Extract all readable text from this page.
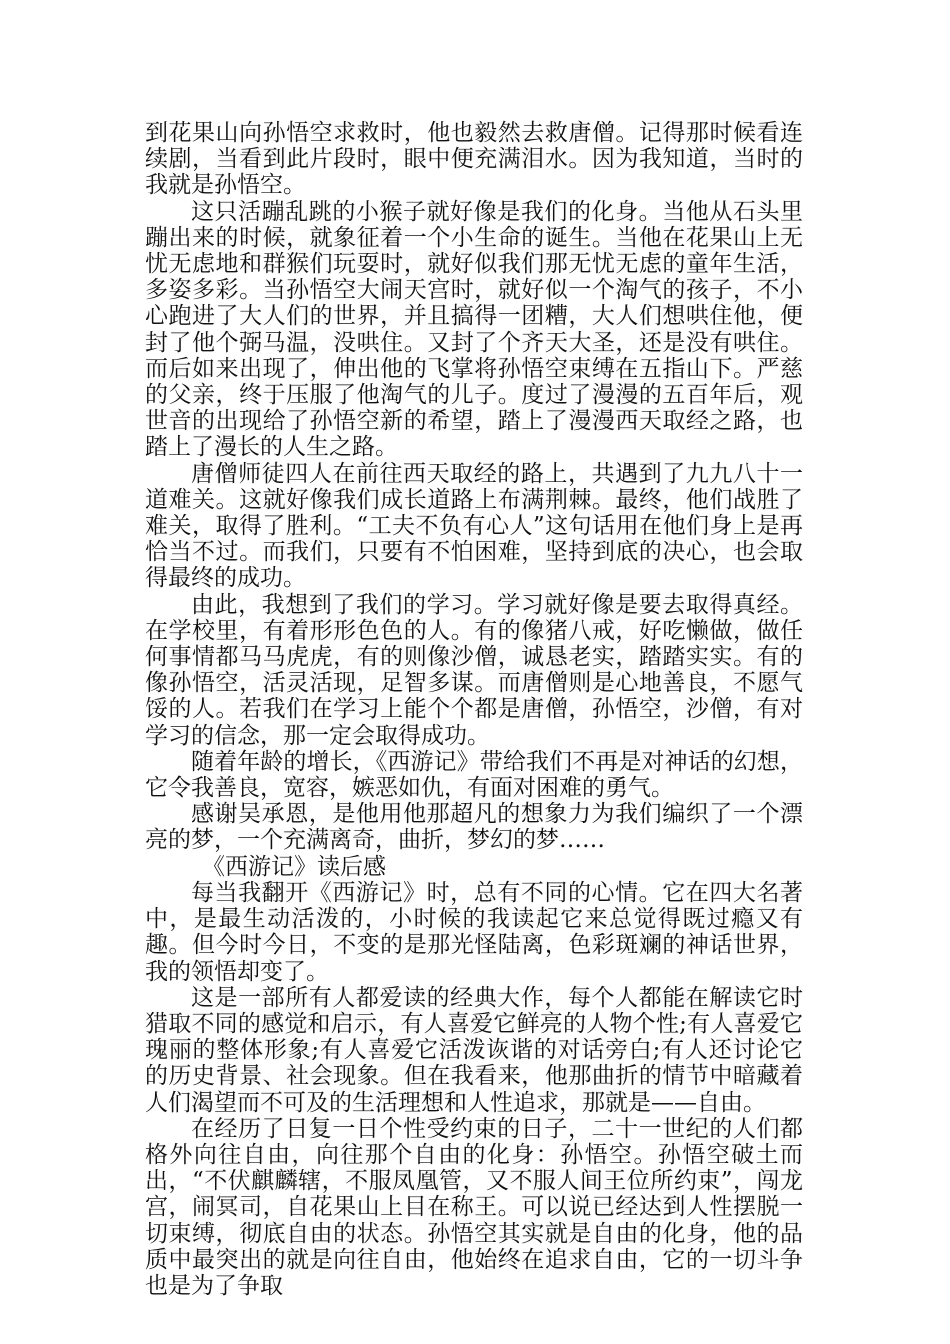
到花果山向孙悟空求救时，他也毅然去救唐僧。记得那时候看连续剧，当看到此片段时，眼中便充满泪水。因为我知道，当时的我就是孙悟空。

这只活蹦乱跳的小猴子就好像是我们的化身。当他从石头里蹦出来的时候，就象征着一个小生命的诞生。当他在花果山上无忧无虑地和群猴们玩耍时，就好似我们那无忧无虑的童年生活，多姿多彩。当孙悟空大闹天宫时，就好似一个淘气的孩子，不小心跑进了大人们的世界，并且搞得一团糟，大人们想哄住他，便封了他个弼马温，没哄住。又封了个齐天大圣，还是没有哄住。而后如来出现了，伸出他的飞掌将孙悟空束缚在五指山下。严慈的父亲，终于压服了他淘气的儿子。度过了漫漫的五百年后，观世音的出现给了孙悟空新的希望，踏上了漫漫西天取经之路，也踏上了漫长的人生之路。

唐僧师徒四人在前往西天取经的路上，共遇到了九九八十一道难关。这就好像我们成长道路上布满荆棘。最终，他们战胜了难关，取得了胜利。“工夫不负有心人”这句话用在他们身上是再恰当不过。而我们，只要有不怕困难，坚持到底的决心，也会取得最终的成功。

由此，我想到了我们的学习。学习就好像是要去取得真经。在学校里，有着形形色色的人。有的像猪八戒，好吃懒做，做任何事情都马马虎虎，有的则像沙僧，诚恳老实，踏踏实实。有的像孙悟空，活灵活现，足智多谋。而唐僧则是心地善良，不愿气馁的人。若我们在学习上能个个都是唐僧，孙悟空，沙僧，有对学习的信念，那一定会取得成功。

随着年龄的增长，《西游记》带给我们不再是对神话的幻想，它令我善良，宽容，嫉恶如仇，有面对困难的勇气。

感谢吴承恩，是他用他那超凡的想象力为我们编织了一个漂亮的梦，一个充满离奇，曲折，梦幻的梦……

《西游记》读后感

每当我翻开《西游记》时，总有不同的心情。它在四大名著中，是最生动活泼的，小时候的我读起它来总觉得既过瘾又有趣。但今时今日，不变的是那光怪陆离，色彩斑斓的神话世界，我的领悟却变了。

这是一部所有人都爱读的经典大作，每个人都能在解读它时猎取不同的感觉和启示，有人喜爱它鲜亮的人物个性;有人喜爱它瑰丽的整体形象;有人喜爱它活泼诙谐的对话旁白;有人还讨论它的历史背景、社会现象。但在我看来，他那曲折的情节中暗藏着人们渴望而不可及的生活理想和人性追求，那就是——自由。

在经历了日复一日个性受约束的日子，二十一世纪的人们都格外向往自由，向往那个自由的化身：孙悟空。孙悟空破土而出，“不伏麒麟辖，不服凤凰管，又不服人间王位所约束”，闯龙宫，闹冥司，自花果山上目在称王。可以说已经达到人性摆脱一切束缚，彻底自由的状态。孙悟空其实就是自由的化身，他的品质中最突出的就是向往自由，他始终在追求自由，它的一切斗争也是为了争取
